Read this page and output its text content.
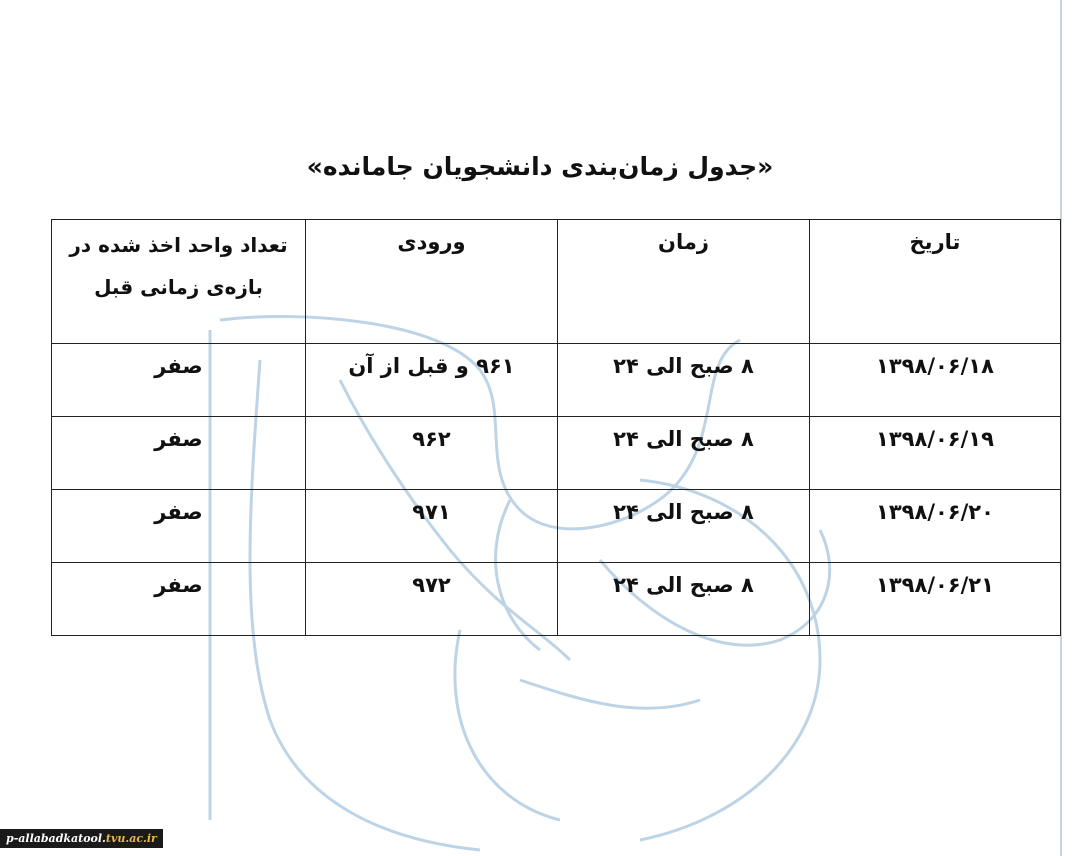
«جدول زمان‌بندی دانشجویان جامانده»
تاریخ	زمان	ورودی	تعداد واحد اخذ شده در بازه‌ی زمانی قبل
۱۳۹۸/۰۶/۱۸	۸ صبح الی ۲۴	۹۶۱ و قبل از آن	صفر
۱۳۹۸/۰۶/۱۹	۸ صبح الی ۲۴	۹۶۲	صفر
۱۳۹۸/۰۶/۲۰	۸ صبح الی ۲۴	۹۷۱	صفر
۱۳۹۸/۰۶/۲۱	۸ صبح الی ۲۴	۹۷۲	صفر
p-allabadkatool.tvu.ac.ir
